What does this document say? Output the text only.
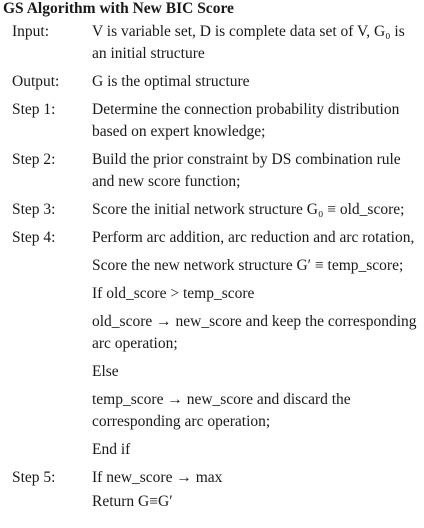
GS Algorithm with New BIC Score
Input:	V is variable set, D is complete data set of V, G₀ is an initial structure

Output:	G is the optimal structure

Step 1:	Determine the connection probability distribution based on expert knowledge;

Step 2:	Build the prior constraint by DS combination rule and new score function;

Step 3:	Score the initial network structure G₀ ≡ old_score;

Step 4:	Perform arc addition, arc reduction and arc rotation,

Score the new network structure G′ ≡ temp_score;

If old_score > temp_score

old_score → new_score and keep the corresponding arc operation;

Else

temp_score → new_score and discard the corresponding arc operation;

End if

Step 5:	If new_score → max

Return G≡G′
